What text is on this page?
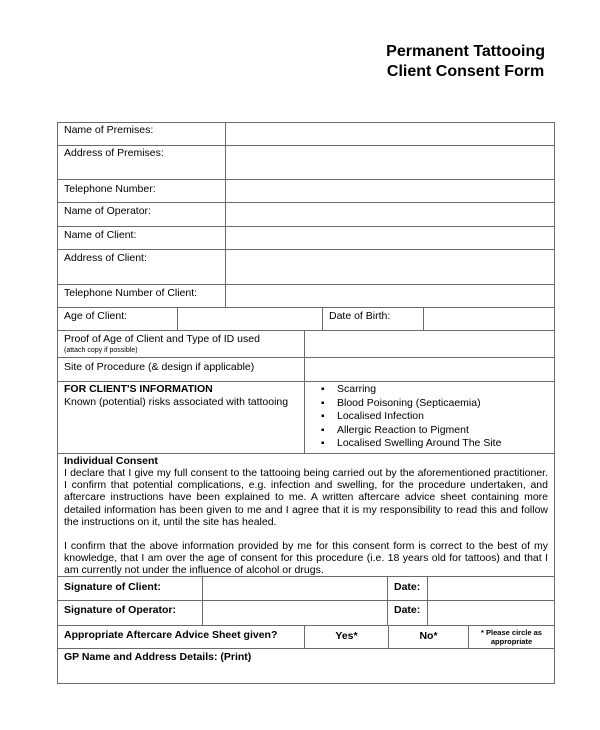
Permanent Tattooing
Client Consent Form
Name of Premises:
Address of Premises:
Telephone Number:
Name of Operator:
Name of Client:
Address of Client:
Telephone Number of Client:
Age of Client:	Date of Birth:
Proof of Age of Client and Type of ID used
(attach copy if possible)
Site of Procedure (& design if applicable)
FOR CLIENT'S INFORMATION
Known (potential) risks associated with tattooing
▪ Scarring
▪ Blood Poisoning (Septicaemia)
▪ Localised Infection
▪ Allergic Reaction to Pigment
▪ Localised Swelling Around The Site
Individual Consent

I declare that I give my full consent to the tattooing being carried out by the aforementioned practitioner. I confirm that potential complications, e.g. infection and swelling, for the procedure undertaken, and aftercare instructions have been explained to me. A written aftercare advice sheet containing more detailed information has been given to me and I agree that it is my responsibility to read this and follow the instructions on it, until the site has healed.

I confirm that the above information provided by me for this consent form is correct to the best of my knowledge, that I am over the age of consent for this procedure (i.e. 18 years old for tattoos) and that I am currently not under the influence of alcohol or drugs.

Signature of Client:	Date:
Signature of Operator:	Date:
Appropriate Aftercare Advice Sheet given?	Yes*	No*	* Please circle as appropriate
GP Name and Address Details: (Print)
